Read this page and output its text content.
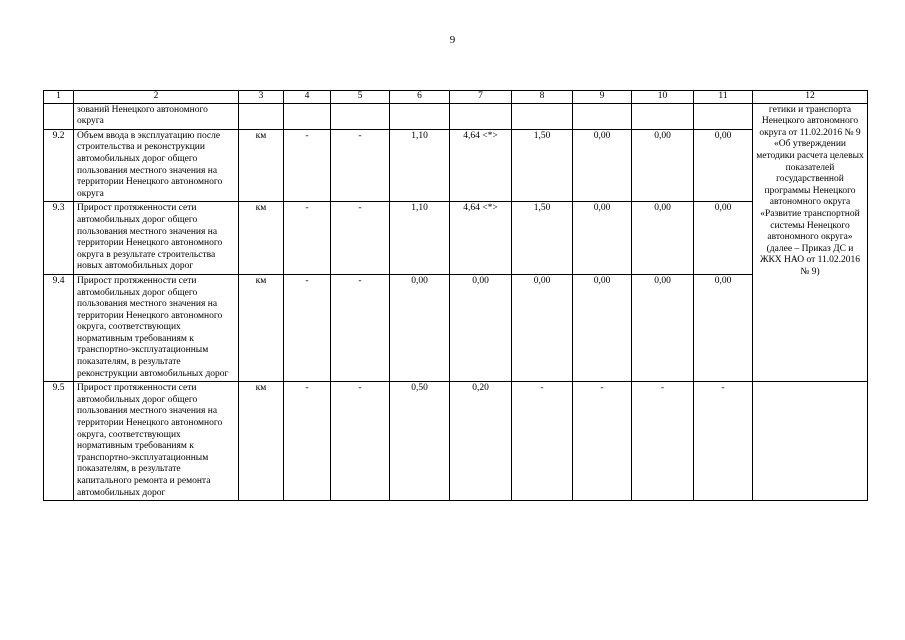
9
1	2	3	4	5	6	7	8	9	10	11	12
	зований Ненецкого автономного округа										гетики и транспорта Ненецкого автономного округа от 11.02.2016 № 9 «Об утверждении методики расчета целевых показателей государственной программы Ненецкого автономного округа «Развитие транспортной системы Ненецкого автономного округа» (далее – Приказ ДС и ЖКХ НАО от 11.02.2016 № 9)
9.2	Объем ввода в эксплуатацию после строительства и реконструкции автомобильных дорог общего пользования местного значения на территории Ненецкого автономного округа	км	-	-	1,10	4,64 <*>	1,50	0,00	0,00	0,00	
9.3	Прирост протяженности сети автомобильных дорог общего пользования местного значения на территории Ненецкого автономного округа в результате строительства новых автомобильных дорог	км	-	-	1,10	4,64 <*>	1,50	0,00	0,00	0,00	
9.4	Прирост протяженности сети автомобильных дорог общего пользования местного значения на территории Ненецкого автономного округа, соответствующих нормативным требованиям к транспортно-эксплуатационным показателям, в результате реконструкции автомобильных дорог	км	-	-	0,00	0,00	0,00	0,00	0,00	0,00	
9.5	Прирост протяженности сети автомобильных дорог общего пользования местного значения на территории Ненецкого автономного округа, соответствующих нормативным требованиям к транспортно-эксплуатационным показателям, в результате капитального ремонта и ремонта автомобильных дорог	км	-	-	0,50	0,20	-	-	-	-	
